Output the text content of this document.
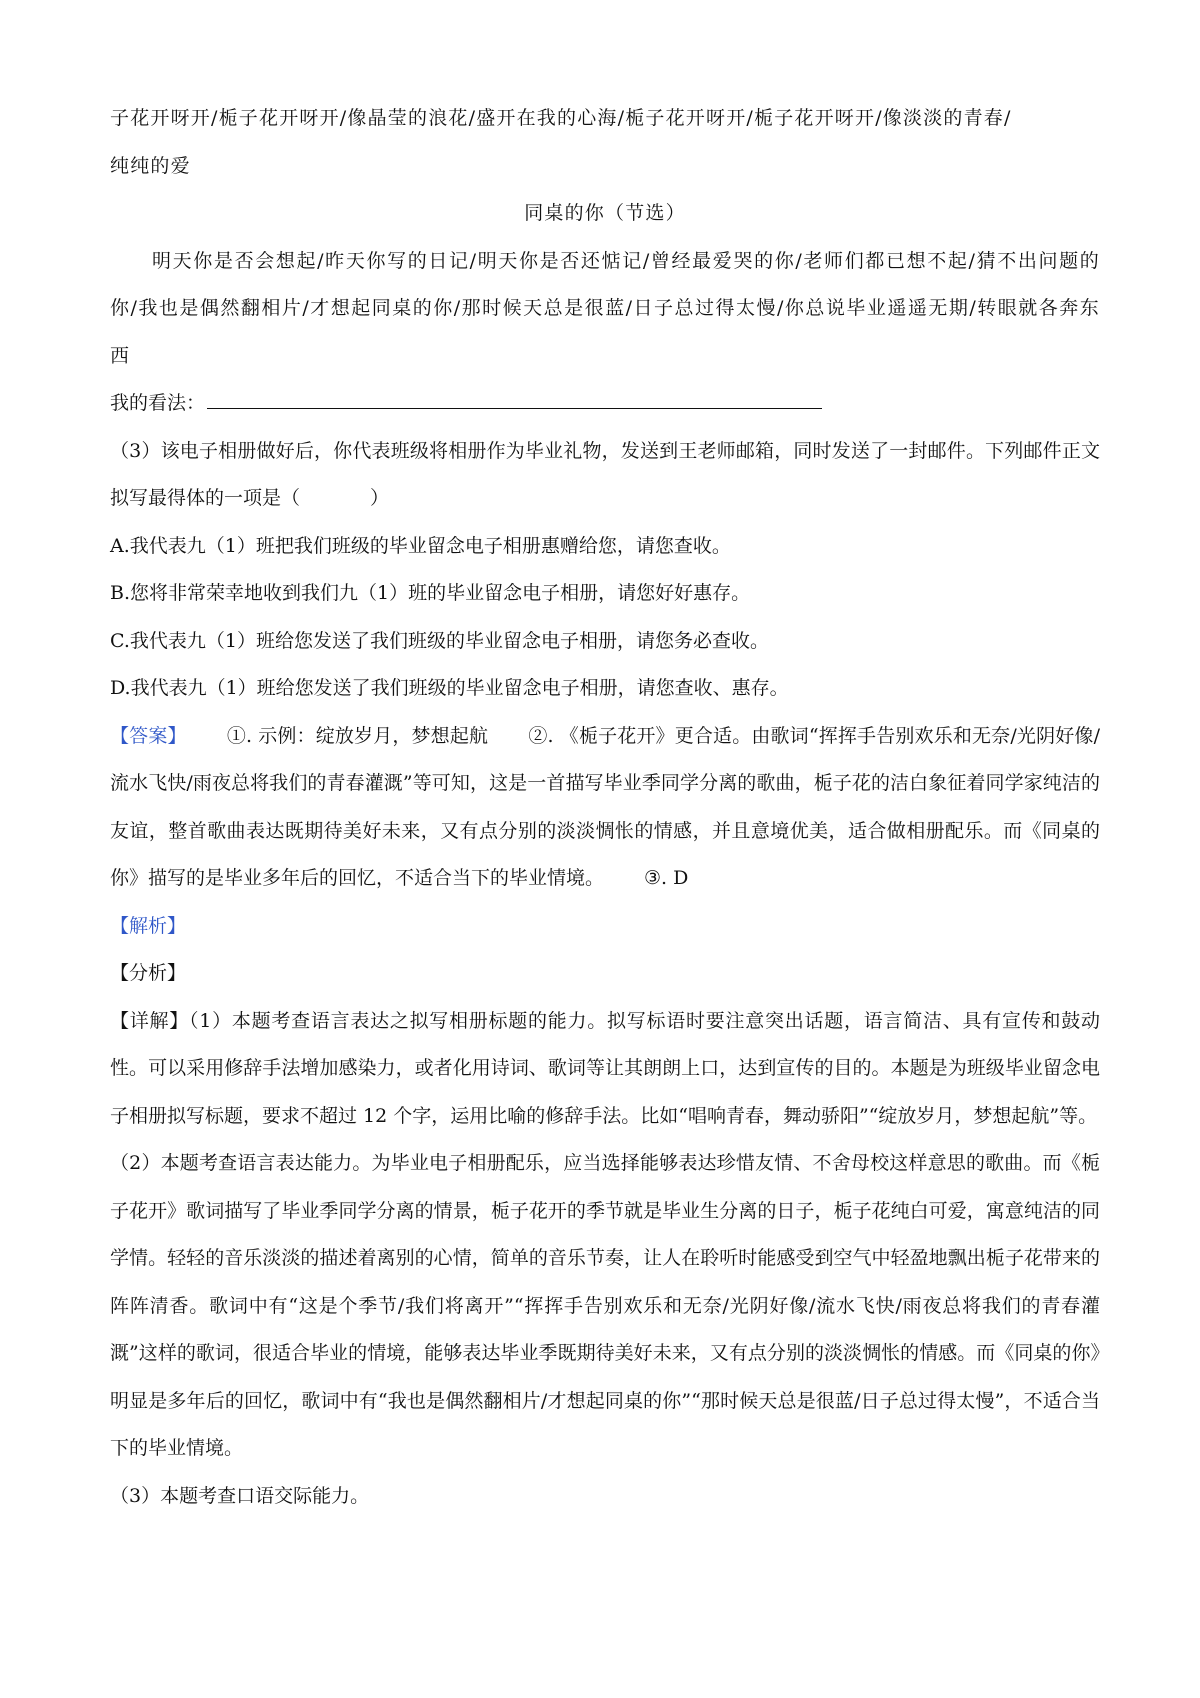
子花开呀开/栀子花开呀开/像晶莹的浪花/盛开在我的心海/栀子花开呀开/栀子花开呀开/像淡淡的青春/

纯纯的爱

同桌的你（节选）

明天你是否会想起/昨天你写的日记/明天你是否还惦记/曾经最爱哭的你/老师们都已想不起/猜不出问题的你/我也是偶然翻相片/才想起同桌的你/那时候天总是很蓝/日子总过得太慢/你总说毕业遥遥无期/转眼就各奔东西

我的看法：

（3）该电子相册做好后，你代表班级将相册作为毕业礼物，发送到王老师邮箱，同时发送了一封邮件。下列邮件正文拟写最得体的一项是（	）

A.我代表九（1）班把我们班级的毕业留念电子相册惠赠给您，请您查收。

B.您将非常荣幸地收到我们九（1）班的毕业留念电子相册，请您好好惠存。

C.我代表九（1）班给您发送了我们班级的毕业留念电子相册，请您务必查收。

D.我代表九（1）班给您发送了我们班级的毕业留念电子相册，请您查收、惠存。

【答案】 ①. 示例：绽放岁月，梦想起航 ②. 《栀子花开》更合适。由歌词“挥挥手告别欢乐和无奈/光阴好像/流水飞快/雨夜总将我们的青春灌溉”等可知，这是一首描写毕业季同学分离的歌曲，栀子花的洁白象征着同学家纯洁的友谊，整首歌曲表达既期待美好未来，又有点分别的淡淡惆怅的情感，并且意境优美，适合做相册配乐。而《同桌的你》描写的是毕业多年后的回忆，不适合当下的毕业情境。 ③. D

【解析】

【分析】

【详解】（1）本题考查语言表达之拟写相册标题的能力。拟写标语时要注意突出话题，语言简洁、具有宣传和鼓动性。可以采用修辞手法增加感染力，或者化用诗词、歌词等让其朗朗上口，达到宣传的目的。本题是为班级毕业留念电子相册拟写标题，要求不超过 12 个字，运用比喻的修辞手法。比如“唱响青春，舞动骄阳”“绽放岁月，梦想起航”等。

（2）本题考查语言表达能力。为毕业电子相册配乐，应当选择能够表达珍惜友情、不舍母校这样意思的歌曲。而《栀子花开》歌词描写了毕业季同学分离的情景，栀子花开的季节就是毕业生分离的日子，栀子花纯白可爱，寓意纯洁的同学情。轻轻的音乐淡淡的描述着离别的心情，简单的音乐节奏，让人在聆听时能感受到空气中轻盈地飘出栀子花带来的阵阵清香。歌词中有“这是个季节/我们将离开”“挥挥手告别欢乐和无奈/光阴好像/流水飞快/雨夜总将我们的青春灌溉”这样的歌词，很适合毕业的情境，能够表达毕业季既期待美好未来，又有点分别的淡淡惆怅的情感。而《同桌的你》明显是多年后的回忆，歌词中有“我也是偶然翻相片/才想起同桌的你”“那时候天总是很蓝/日子总过得太慢”，不适合当下的毕业情境。

（3）本题考查口语交际能力。
